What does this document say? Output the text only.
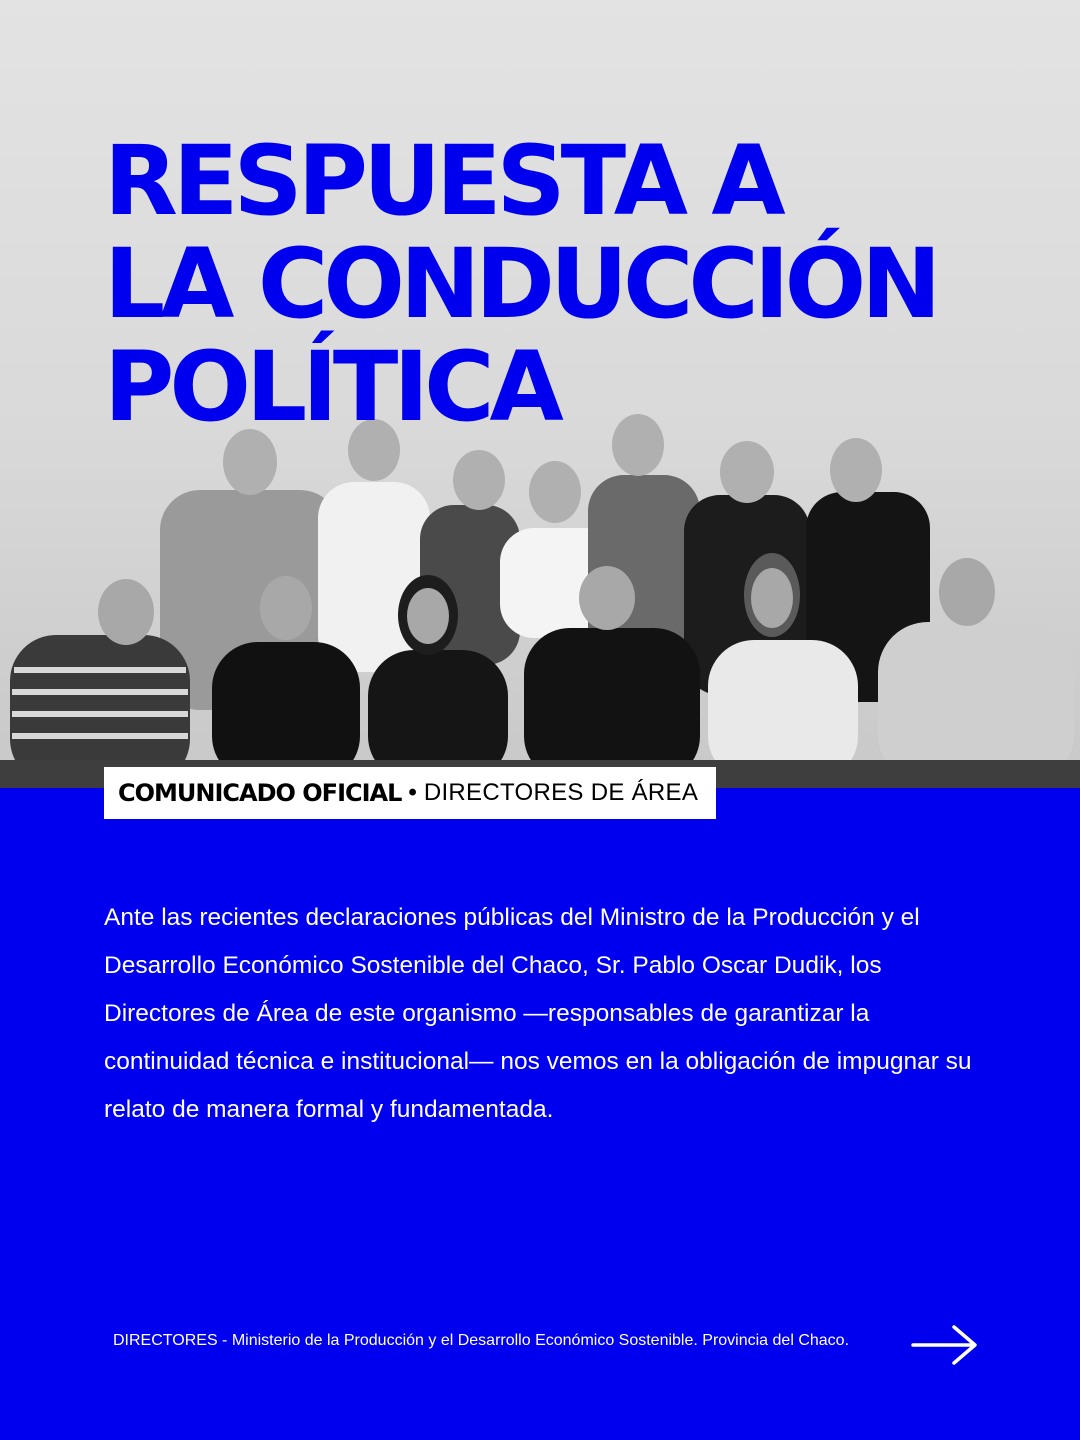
RESPUESTA A
LA CONDUCCIÓN
POLÍTICA
COMUNICADO OFICIAL • DIRECTORES DE ÁREA

Ante las recientes declaraciones públicas del Ministro de la Producción y el Desarrollo Económico Sostenible del Chaco, Sr. Pablo Oscar Dudik, los Directores de Área de este organismo —responsables de garantizar la continuidad técnica e institucional— nos vemos en la obligación de impugnar su relato de manera formal y fundamentada.

DIRECTORES - Ministerio de la Producción y el Desarrollo Económico Sostenible. Provincia del Chaco.
